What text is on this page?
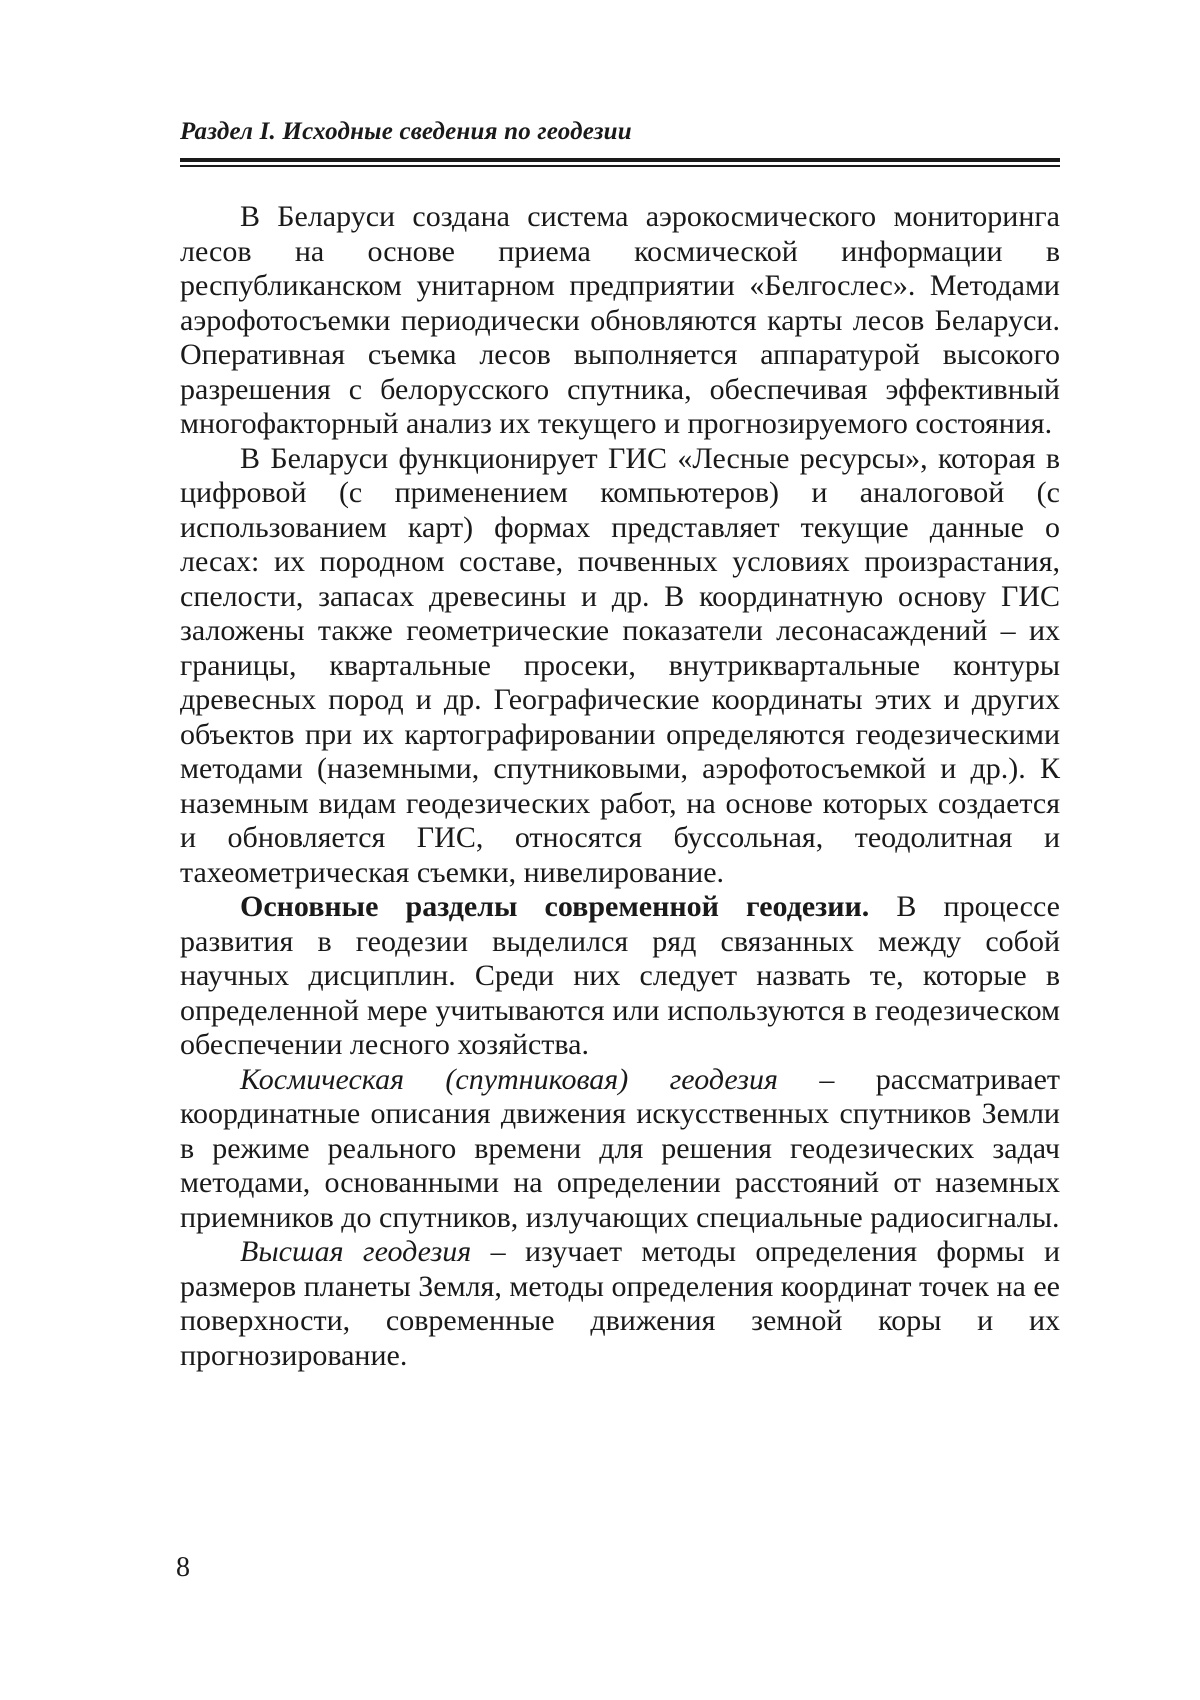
Раздел I. Исходные сведения по геодезии

В Беларуси создана система аэрокосмического мониторинга лесов на основе приема космической информации в республиканском унитарном предприятии «Белгослес». Методами аэрофотосъемки периодически обновляются карты лесов Беларуси. Оперативная съемка лесов выполняется аппаратурой высокого разрешения с белорусского спутника, обеспечивая эффективный многофакторный анализ их текущего и прогнозируемого состояния.

В Беларуси функционирует ГИС «Лесные ресурсы», которая в цифровой (с применением компьютеров) и аналоговой (с использованием карт) формах представляет текущие данные о лесах: их породном составе, почвенных условиях произрастания, спелости, запасах древесины и др. В координатную основу ГИС заложены также геометрические показатели лесонасаждений – их границы, квартальные просеки, внутриквартальные контуры древесных пород и др. Географические координаты этих и других объектов при их картографировании определяются геодезическими методами (наземными, спутниковыми, аэрофотосъемкой и др.). К наземным видам геодезических работ, на основе которых создается и обновляется ГИС, относятся буссольная, теодолитная и тахеометрическая съемки, нивелирование.

Основные разделы современной геодезии. В процессе развития в геодезии выделился ряд связанных между собой научных дисциплин. Среди них следует назвать те, которые в определенной мере учитываются или используются в геодезическом обеспечении лесного хозяйства.

Космическая (спутниковая) геодезия – рассматривает координатные описания движения искусственных спутников Земли в режиме реального времени для решения геодезических задач методами, основанными на определении расстояний от наземных приемников до спутников, излучающих специальные радиосигналы.

Высшая геодезия – изучает методы определения формы и размеров планеты Земля, методы определения координат точек на ее поверхности, современные движения земной коры и их прогнозирование.

8
